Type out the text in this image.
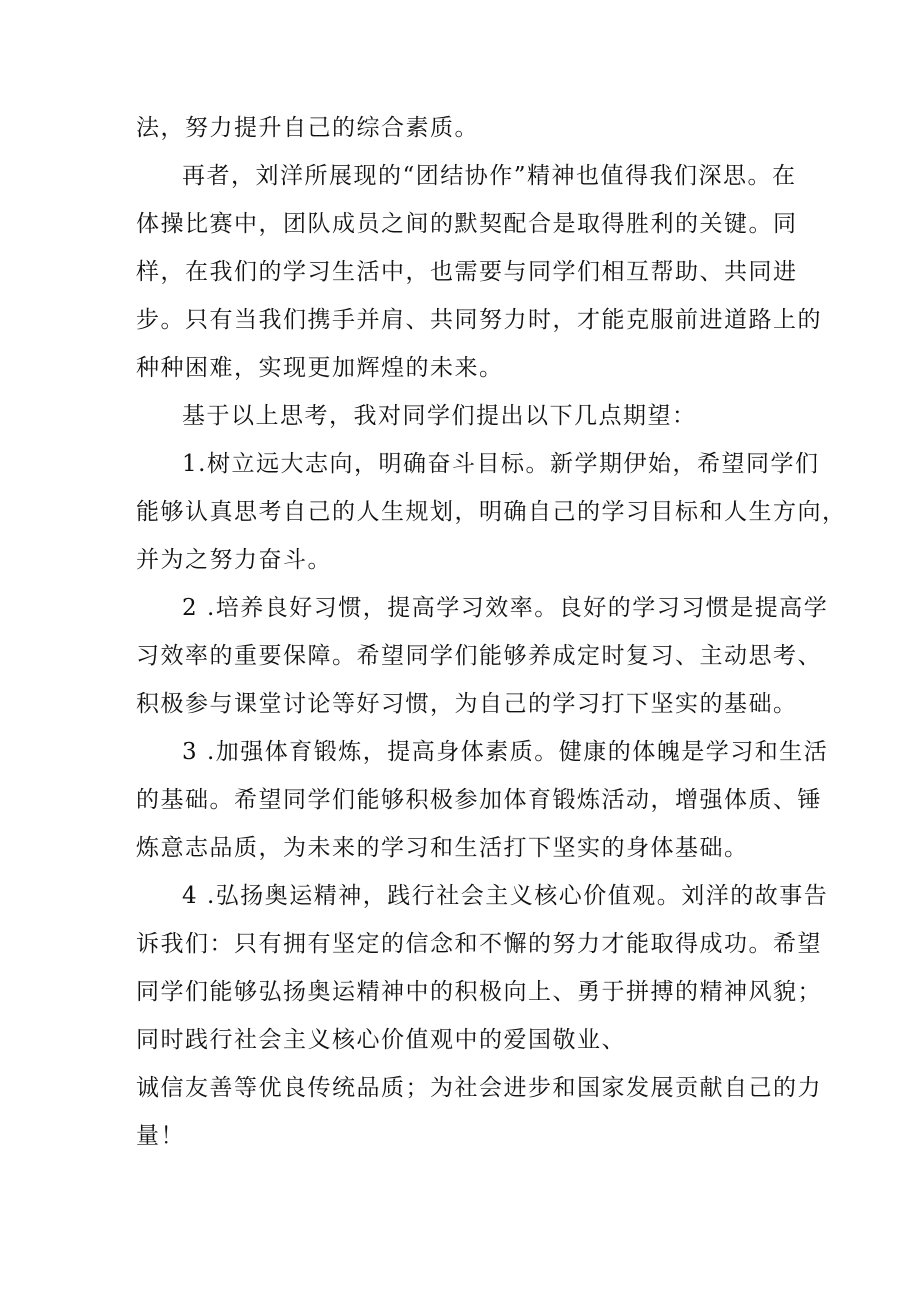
法，努力提升自己的综合素质。
再者，刘洋所展现的“团结协作”精神也值得我们深思。在
体操比赛中，团队成员之间的默契配合是取得胜利的关键。同
样，在我们的学习生活中，也需要与同学们相互帮助、共同进
步。只有当我们携手并肩、共同努力时，才能克服前进道路上的
种种困难，实现更加辉煌的未来。
基于以上思考，我对同学们提出以下几点期望：
1.树立远大志向，明确奋斗目标。新学期伊始，希望同学们
能够认真思考自己的人生规划，明确自己的学习目标和人生方向，
并为之努力奋斗。
2 .培养良好习惯，提高学习效率。良好的学习习惯是提高学
习效率的重要保障。希望同学们能够养成定时复习、主动思考、
积极参与课堂讨论等好习惯，为自己的学习打下坚实的基础。
3 .加强体育锻炼，提高身体素质。健康的体魄是学习和生活
的基础。希望同学们能够积极参加体育锻炼活动，增强体质、锤
炼意志品质，为未来的学习和生活打下坚实的身体基础。
4 .弘扬奥运精神，践行社会主义核心价值观。刘洋的故事告
诉我们：只有拥有坚定的信念和不懈的努力才能取得成功。希望
同学们能够弘扬奥运精神中的积极向上、勇于拼搏的精神风貌；
同时践行社会主义核心价值观中的爱国敬业、
诚信友善等优良传统品质；为社会进步和国家发展贡献自己的力
量！
